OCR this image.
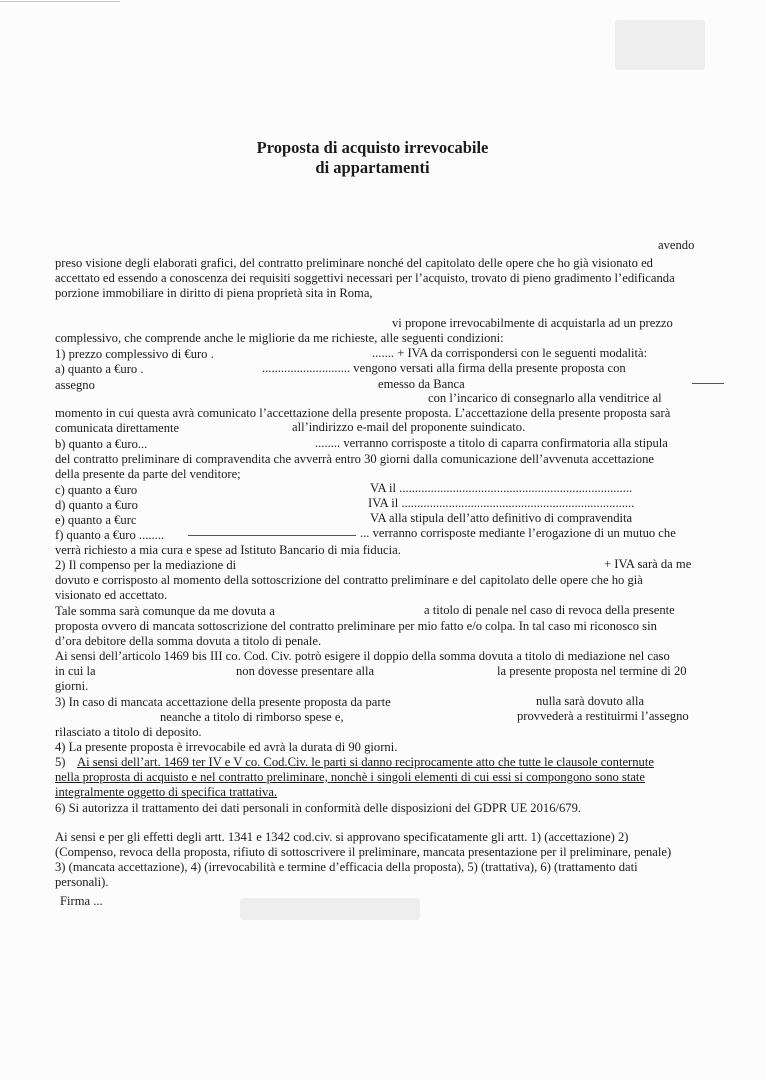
Proposta di acquisto irrevocabile
di appartamenti
avendo
preso visione degli elaborati grafici, del contratto preliminare nonché del capitolato delle opere che ho già visionato ed
accettato ed essendo a conoscenza dei requisiti soggettivi necessari per l’acquisto, trovato di pieno gradimento l’edificanda
porzione immobiliare in diritto di piena proprietà sita in Roma,
vi propone irrevocabilmente di acquistarla ad un prezzo
complessivo, che comprende anche le migliorie da me richieste, alle seguenti condizioni:
1) prezzo complessivo di €uro .	....... + IVA da corrispondersi con le seguenti modalità:
a) quanto a €uro .	............................ vengono versati alla firma della presente proposta con
assegno	emesso da Banca
con l’incarico di consegnarlo alla venditrice al
momento in cui questa avrà comunicato l’accettazione della presente proposta. L’accettazione della presente proposta sarà
comunicata direttamente	all’indirizzo e-mail del proponente suindicato.
b) quanto a €uro...	........ verranno corrisposte a titolo di caparra confirmatoria alla stipula
del contratto preliminare di compravendita che avverrà entro 30 giorni dalla comunicazione dell’avvenuta accettazione
della presente da parte del venditore;
c) quanto a €uro	VA il ..........................................................................
d) quanto a €uro	IVA il ..........................................................................
e) quanto a €urc	VA alla stipula dell’atto definitivo di compravendita
f) quanto a €uro ........	... verranno corrisposte mediante l’erogazione di un mutuo che
verrà richiesto a mia cura e spese ad Istituto Bancario di mia fiducia.
2) Il compenso per la mediazione di	+ IVA sarà da me
dovuto e corrisposto al momento della sottoscrizione del contratto preliminare e del capitolato delle opere che ho già
visionato ed accettato.
Tale somma sarà comunque da me dovuta a	a titolo di penale nel caso di revoca della presente
proposta ovvero di mancata sottoscrizione del contratto preliminare per mio fatto e/o colpa. In tal caso mi riconosco sin
d’ora debitore della somma dovuta a titolo di penale.
Ai sensi dell’articolo 1469 bis III co. Cod. Civ. potrò esigere il doppio della somma dovuta a titolo di mediazione nel caso
in cui la	non dovesse presentare alla	la presente proposta nel termine di 20
giorni.
3) In caso di mancata accettazione della presente proposta da parte	nulla sarà dovuto alla
neanche a titolo di rimborso spese e,	provvederà a restituirmi l’assegno
rilasciato a titolo di deposito.
4) La presente proposta è irrevocabile ed avrà la durata di 90 giorni.
5) Ai sensi dell’art. 1469 ter IV e V co. Cod.Civ. le parti si danno reciprocamente atto che tutte le clausole conternute
nella proprosta di acquisto e nel contratto preliminare, nonchè i singoli elementi di cui essi si compongono sono state
integralmente oggetto di specifica trattativa.
6) Si autorizza il trattamento dei dati personali in conformità delle disposizioni del GDPR UE 2016/679.
Ai sensi e per gli effetti degli artt. 1341 e 1342 cod.civ. si approvano specificatamente gli artt. 1) (accettazione) 2)
(Compenso, revoca della proposta, rifiuto di sottoscrivere il preliminare, mancata presentazione per il preliminare, penale)
3) (mancata accettazione), 4) (irrevocabilità e termine d’efficacia della proposta), 5) (trattativa), 6) (trattamento dati
personali).
Firma ...
